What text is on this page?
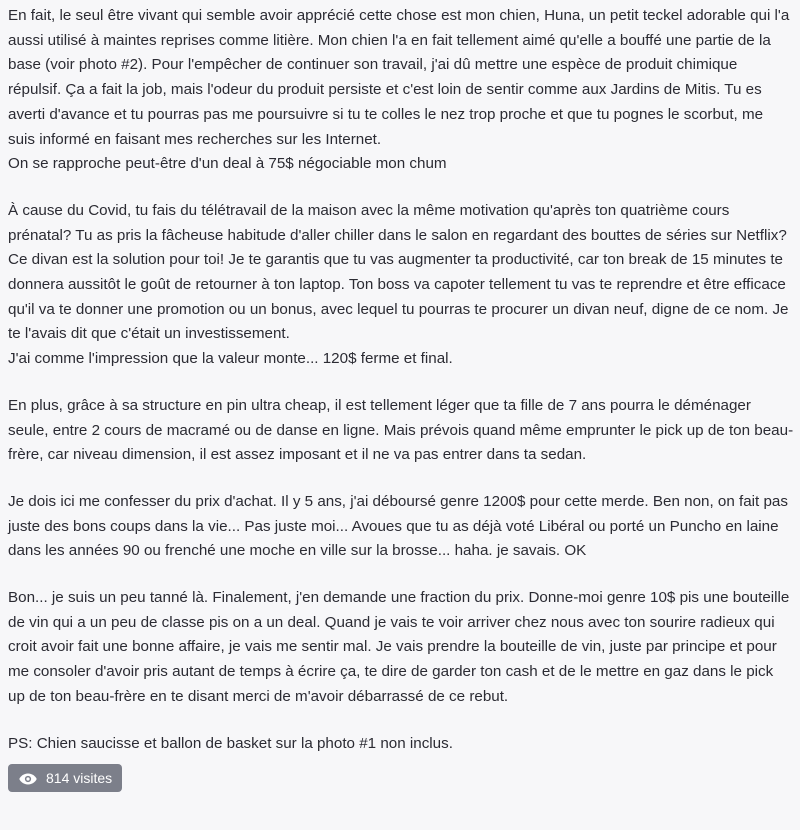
En fait, le seul être vivant qui semble avoir apprécié cette chose est mon chien, Huna, un petit teckel adorable qui l'a aussi utilisé à maintes reprises comme litière. Mon chien l'a en fait tellement aimé qu'elle a bouffé une partie de la base (voir photo #2). Pour l'empêcher de continuer son travail, j'ai dû mettre une espèce de produit chimique répulsif. Ça a fait la job, mais l'odeur du produit persiste et c'est loin de sentir comme aux Jardins de Mitis. Tu es averti d'avance et tu pourras pas me poursuivre si tu te colles le nez trop proche et que tu pognes le scorbut, me suis informé en faisant mes recherches sur les Internet.
On se rapproche peut-être d'un deal à 75$ négociable mon chum

À cause du Covid, tu fais du télétravail de la maison avec la même motivation qu'après ton quatrième cours prénatal? Tu as pris la fâcheuse habitude d'aller chiller dans le salon en regardant des bouttes de séries sur Netflix? Ce divan est la solution pour toi! Je te garantis que tu vas augmenter ta productivité, car ton break de 15 minutes te donnera aussitôt le goût de retourner à ton laptop. Ton boss va capoter tellement tu vas te reprendre et être efficace qu'il va te donner une promotion ou un bonus, avec lequel tu pourras te procurer un divan neuf, digne de ce nom. Je te l'avais dit que c'était un investissement.
J'ai comme l'impression que la valeur monte... 120$ ferme et final.

En plus, grâce à sa structure en pin ultra cheap, il est tellement léger que ta fille de 7 ans pourra le déménager seule, entre 2 cours de macramé ou de danse en ligne. Mais prévois quand même emprunter le pick up de ton beau-frère, car niveau dimension, il est assez imposant et il ne va pas entrer dans ta sedan.

Je dois ici me confesser du prix d'achat. Il y 5 ans, j'ai déboursé genre 1200$ pour cette merde. Ben non, on fait pas juste des bons coups dans la vie... Pas juste moi... Avoues que tu as déjà voté Libéral ou porté un Puncho en laine dans les années 90 ou frenché une moche en ville sur la brosse... haha. je savais. OK

Bon... je suis un peu tanné là. Finalement, j'en demande une fraction du prix. Donne-moi genre 10$ pis une bouteille de vin qui a un peu de classe pis on a un deal. Quand je vais te voir arriver chez nous avec ton sourire radieux qui croit avoir fait une bonne affaire, je vais me sentir mal. Je vais prendre la bouteille de vin, juste par principe et pour me consoler d'avoir pris autant de temps à écrire ça, te dire de garder ton cash et de le mettre en gaz dans le pick up de ton beau-frère en te disant merci de m'avoir débarrassé de ce rebut.

PS: Chien saucisse et ballon de basket sur la photo #1 non inclus.

814 visites
